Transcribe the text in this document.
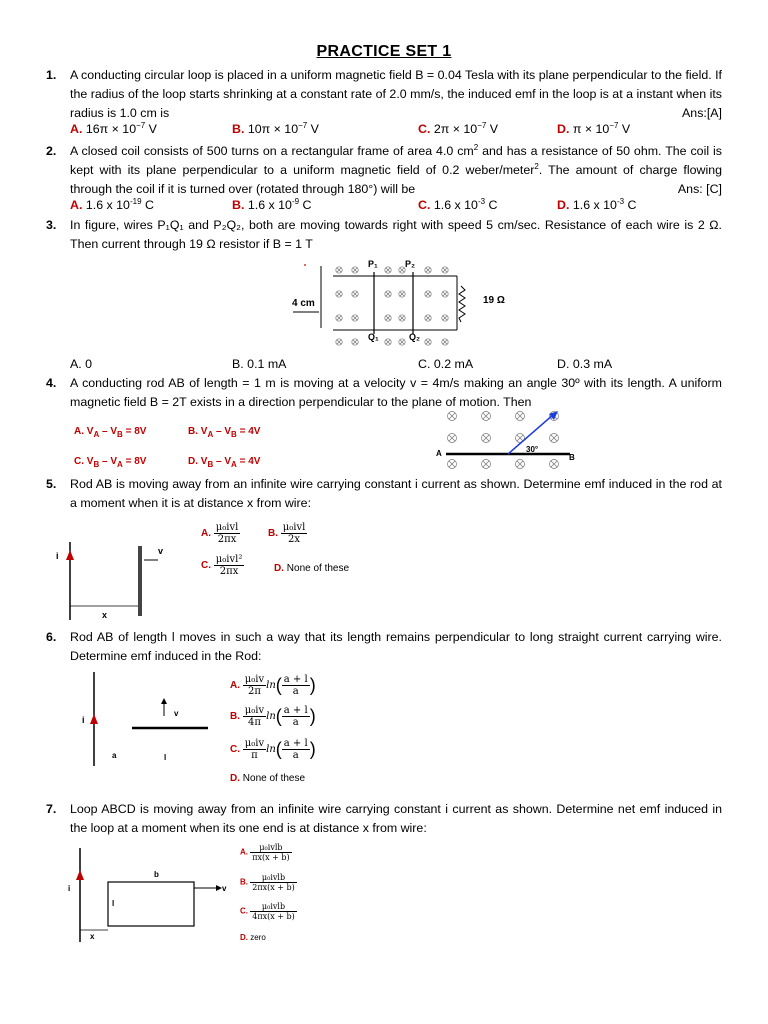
PRACTICE SET 1
1. A conducting circular loop is placed in a uniform magnetic field B = 0.04 Tesla with its plane perpendicular to the field. If the radius of the loop starts shrinking at a constant rate of 2.0 mm/s, the induced emf in the loop is at a instant when its radius is 1.0 cm is	Ans:[A]
A. $16\pi \times 10^{-7}$ V	B. $10\pi \times 10^{-7}$ V	C. $2\pi \times 10^{-7}$ V	D. $\pi \times 10^{-7}$ V
2. A closed coil consists of 500 turns on a rectangular frame of area 4.0 $cm^2$ and has a resistance of 50 ohm. The coil is kept with its plane perpendicular to a uniform magnetic field of 0.2 weber/meter$^2$. The amount of charge flowing through the coil if it is turned over (rotated through 180°) will be	Ans: [C]
A. 1.6 x $10^{-19}$ C	B. 1.6 x $10^{-9}$ C	C. 1.6 x $10^{-3}$ C	D. 1.6 x $10^{-3}$ C
3. In figure, wires P₁Q₁ and P₂Q₂, both are moving towards right with speed 5 cm/sec. Resistance of each wire is 2 Ω. Then current through 19 Ω resistor if B = 1 T
P₁	P₂
Q₁	Q₂
4 cm	19 Ω
A. 0	B. 0.1 mA	C. 0.2 mA	D. 0.3 mA
4. A conducting rod AB of length = 1 m is moving at a velocity v = 4m/s making an angle 30º with its length. A uniform magnetic field B = 2T exists in a direction perpendicular to the plane of motion. Then
A. $V_A - V_B = 8V$	B. $V_A - V_B = 4V$
C. $V_B - V_A = 8V$	D. $V_B - V_A = 4V$
A	B
30°
5. Rod AB is moving away from an infinite wire carrying constant i current as shown. Determine emf induced in the rod at a moment when it is at distance x from wire:
i	v
x
A. $\frac{\text{μ₀ivl}}{2\pi x}$	B. $\frac{\text{μ₀ivl}}{2x}$
C. $\frac{\text{μ₀ivl²}}{2\pi x}$	D. None of these
6. Rod AB of length l moves in such a way that its length remains perpendicular to long straight current carrying wire. Determine emf induced in the Rod:
i
v
a	l
A. $\frac{\text{μ₀iv}}{2\pi} \ln( \frac{a + l}{a}$ )
B. $\frac{\text{μ₀iv}}{4\pi} \ln( \frac{a + l}{a}$ )
C. $\frac{\text{μ₀iv}}{\pi} \ln( \frac{a + l}{a}$ )
D. None of these
7. Loop ABCD is moving away from an infinite wire carrying constant i current as shown. Determine net emf induced in the loop at a moment when its one end is at distance x from wire:
i
b
l
v
x
A. $\frac{\text{μ₀ivlb}}{\pi x(x + b)}$
B. $\frac{\text{μ₀ivlb}}{2\pi x(x + b)}$
C. $\frac{\text{μ₀ivlb}}{4\pi x(x + b)}$
D. zero
